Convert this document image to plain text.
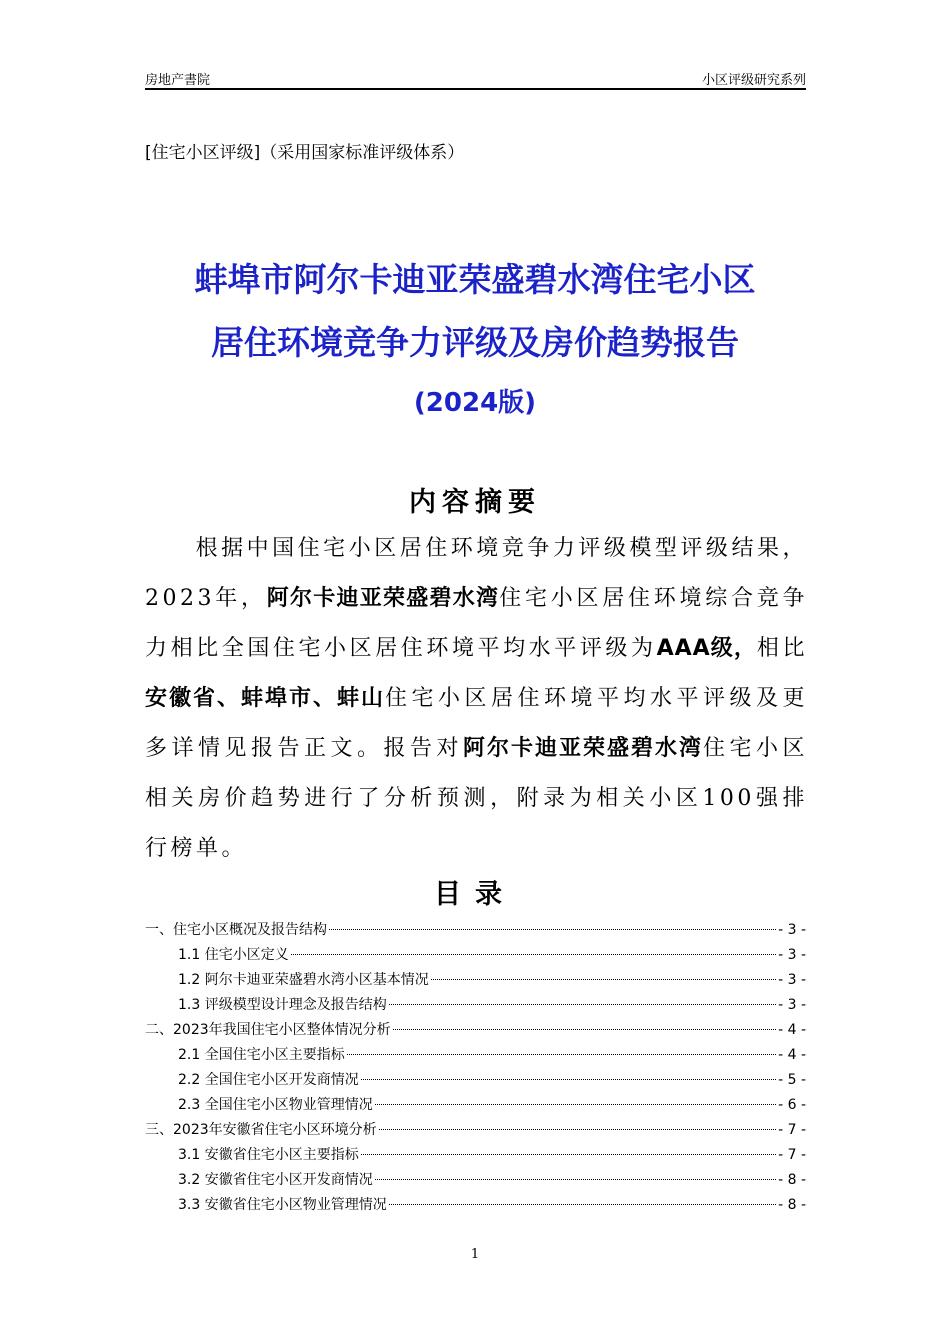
房地产書院	小区评级研究系列
[住宅小区评级]（采用国家标准评级体系）
蚌埠市阿尔卡迪亚荣盛碧水湾住宅小区
居住环境竞争力评级及房价趋势报告
(2024版)
内容摘要
根据中国住宅小区居住环境竞争力评级模型评级结果，2023年，阿尔卡迪亚荣盛碧水湾住宅小区居住环境综合竞争力相比全国住宅小区居住环境平均水平评级为AAA级，相比安徽省、蚌埠市、蚌山住宅小区居住环境平均水平评级及更多详情见报告正文。报告对阿尔卡迪亚荣盛碧水湾住宅小区相关房价趋势进行了分析预测，附录为相关小区100强排行榜单。
目录
一、住宅小区概况及报告结构	- 3 -
1.1 住宅小区定义	- 3 -
1.2 阿尔卡迪亚荣盛碧水湾小区基本情况	- 3 -
1.3 评级模型设计理念及报告结构	- 3 -
二、2023年我国住宅小区整体情况分析	- 4 -
2.1 全国住宅小区主要指标	- 4 -
2.2 全国住宅小区开发商情况	- 5 -
2.3 全国住宅小区物业管理情况	- 6 -
三、2023年安徽省住宅小区环境分析	- 7 -
3.1 安徽省住宅小区主要指标	- 7 -
3.2 安徽省住宅小区开发商情况	- 8 -
3.3 安徽省住宅小区物业管理情况	- 8 -
1
